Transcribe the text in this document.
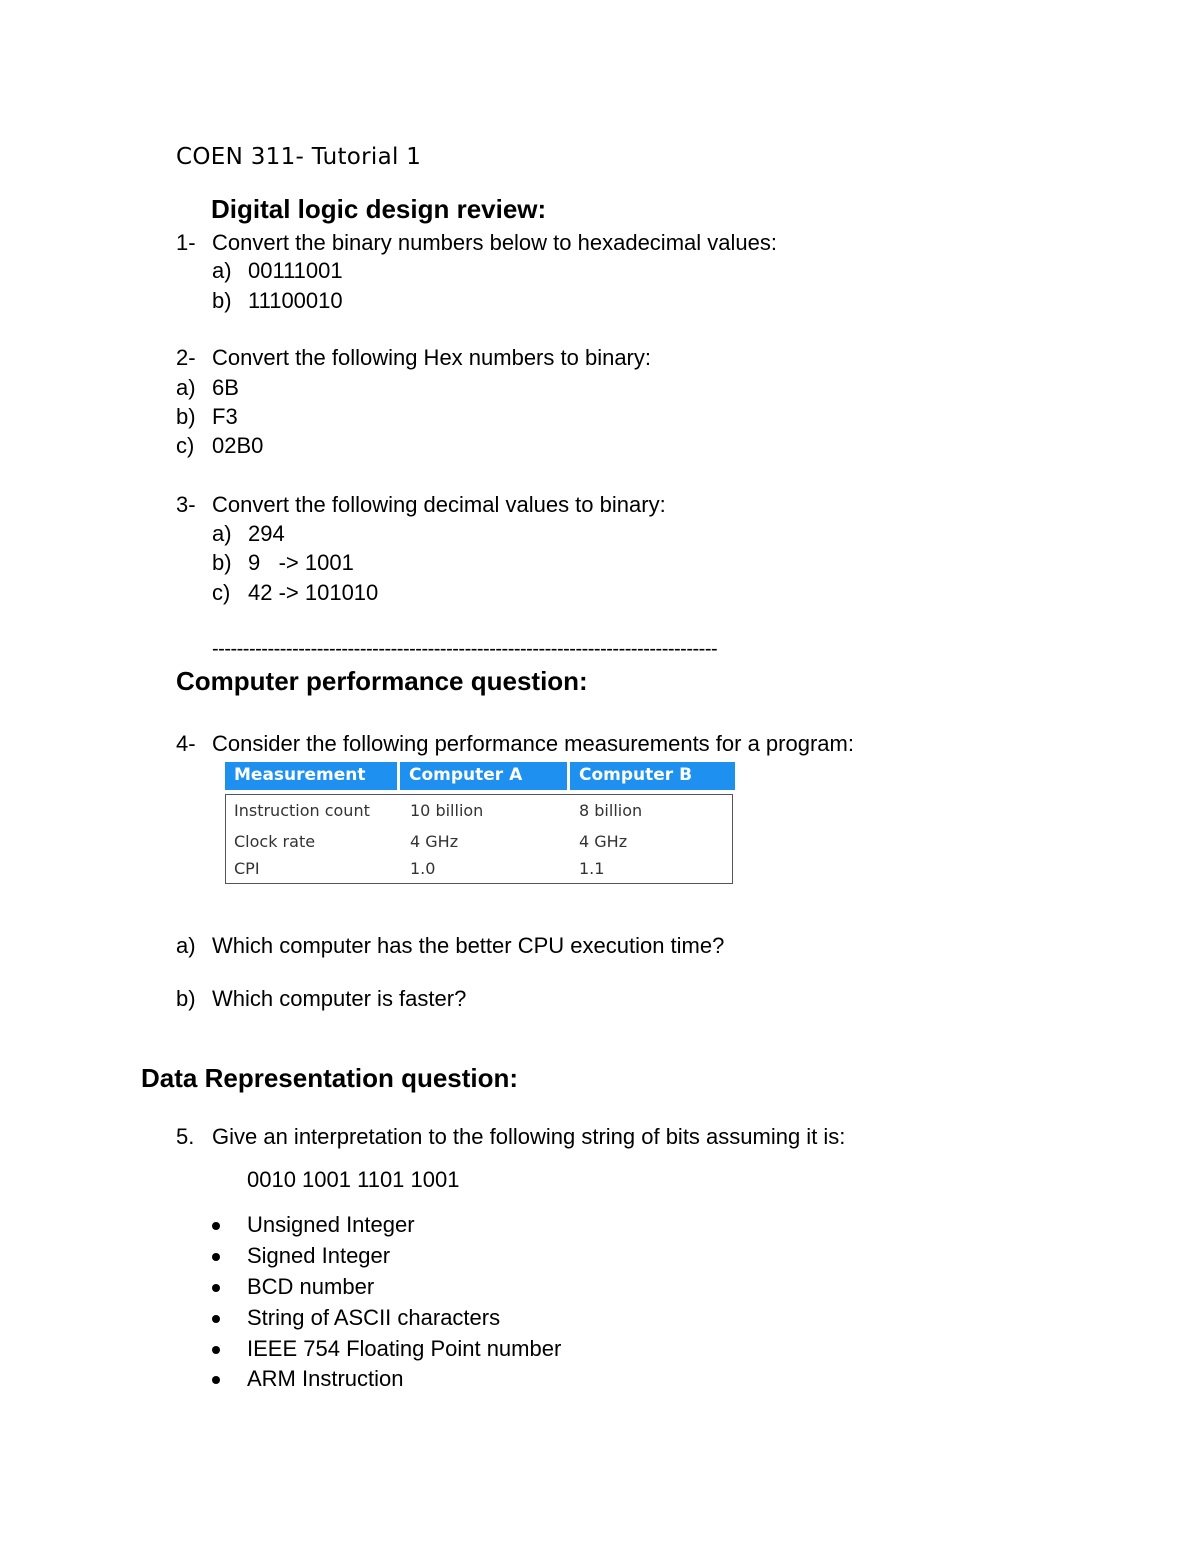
COEN 311- Tutorial 1
Digital logic design review:
1- Convert the binary numbers below to hexadecimal values:
a) 00111001
b) 11100010
2- Convert the following Hex numbers to binary:
a) 6B
b) F3
c) 02B0
3- Convert the following decimal values to binary:
a) 294
b) 9   -> 1001
c) 42 -> 101010
----------------------------------------------------------------------------------
Computer performance question:
4- Consider the following performance measurements for a program:
Measurement	Computer A	Computer B
Instruction count	10 billion	8 billion
Clock rate	4 GHz	4 GHz
CPI	1.0	1.1
a) Which computer has the better CPU execution time?
b) Which computer is faster?
Data Representation question:
5. Give an interpretation to the following string of bits assuming it is:
0010 1001 1101 1001
Unsigned Integer
Signed Integer
BCD number
String of ASCII characters
IEEE 754 Floating Point number
ARM Instruction
